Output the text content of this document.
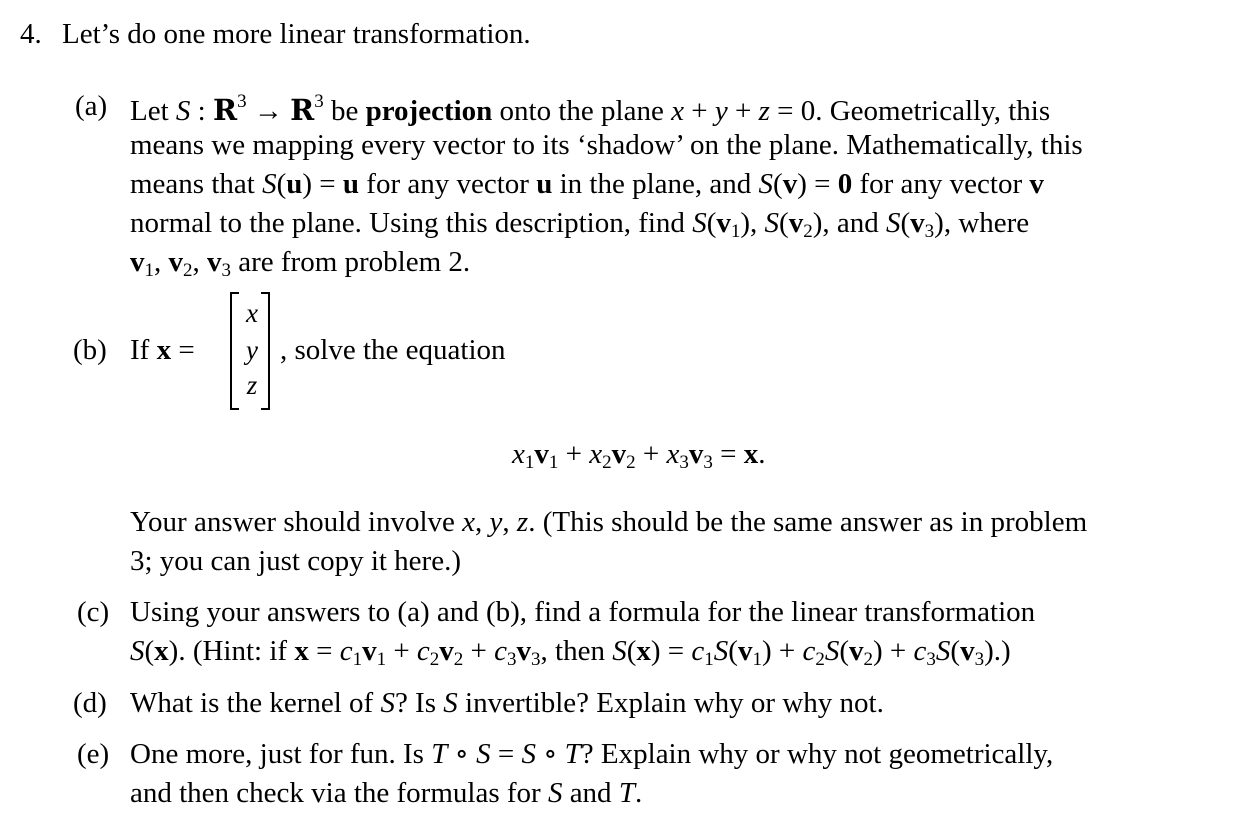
4. Let’s do one more linear transformation.
(a) Let S : $R^3 \to R^3$ be projection onto the plane x + y + z = 0. Geometrically, this
means we mapping every vector to its ‘shadow’ on the plane. Mathematically, this
means that S(u) = u for any vector u in the plane, and S(v) = 0 for any vector v
normal to the plane. Using this description, find $S(v_1)$, $S(v_2)$, and $S(v_3)$, where
$v_1$, $v_2$, $v_3$ are from problem 2.
(b) If x =
x
y
z
, solve the equation
$x_1v_1 + x_2v_2 + x_3v_3 = x$.
Your answer should involve x, y, z. (This should be the same answer as in problem
3; you can just copy it here.)
(c) Using your answers to (a) and (b), find a formula for the linear transformation
S(x). (Hint: if $x = c_1v_1 + c_2v_2 + c_3v_3$, then $S(x) = c_1S(v_1) + c_2S(v_2) + c_3S(v_3)$.)
(d) What is the kernel of S? Is S invertible? Explain why or why not.
(e) One more, just for fun. Is T ∘ S = S ∘ T? Explain why or why not geometrically,
and then check via the formulas for S and T.
